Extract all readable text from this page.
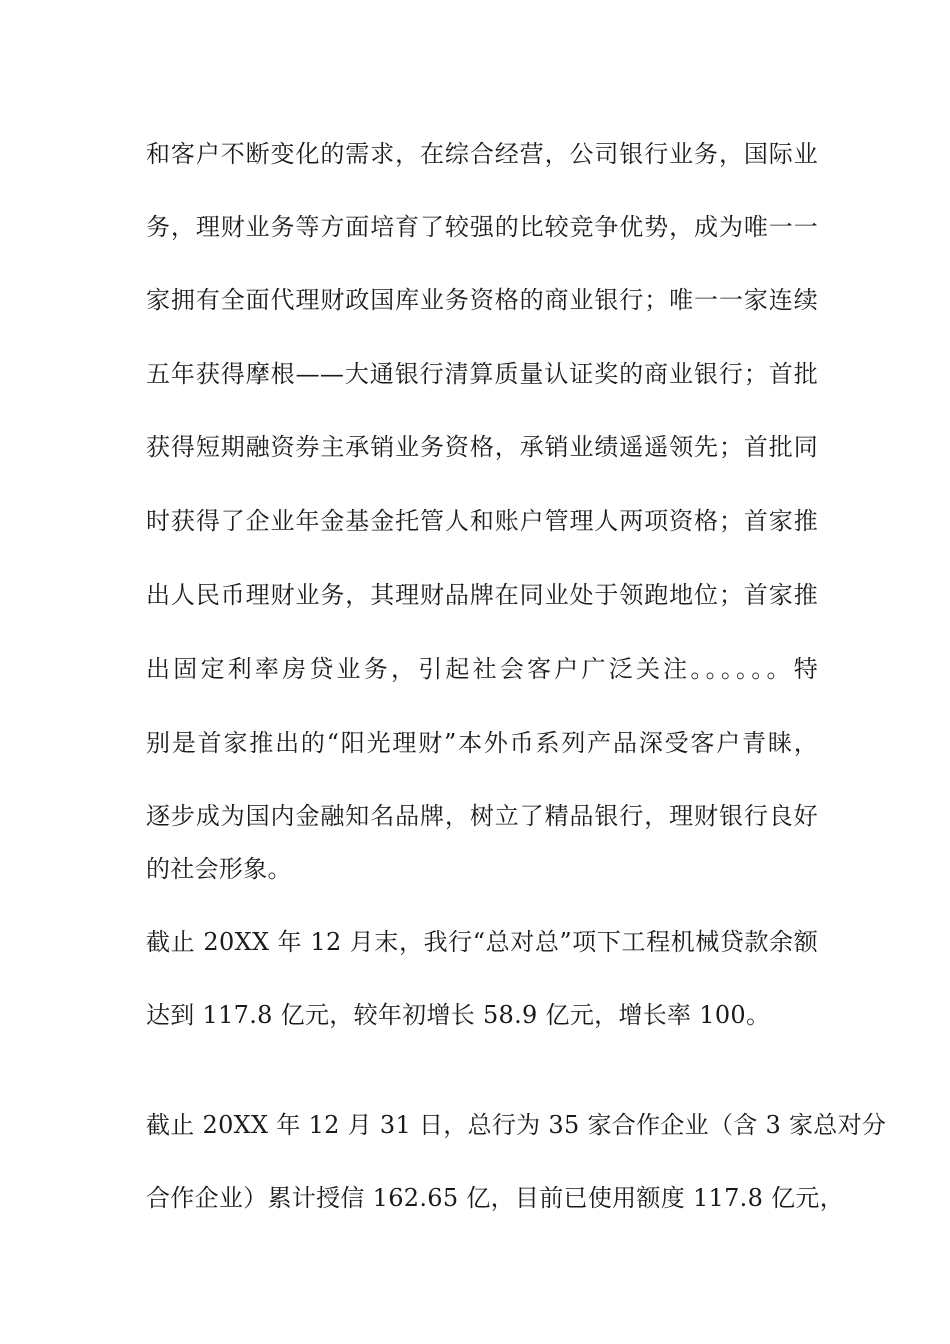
和客户不断变化的需求，在综合经营，公司银行业务，国际业
务，理财业务等方面培育了较强的比较竞争优势，成为唯一一
家拥有全面代理财政国库业务资格的商业银行；唯一一家连续
五年获得摩根——大通银行清算质量认证奖的商业银行；首批
获得短期融资券主承销业务资格，承销业绩遥遥领先；首批同
时获得了企业年金基金托管人和账户管理人两项资格；首家推
出人民币理财业务，其理财品牌在同业处于领跑地位；首家推
出固定利率房贷业务，引起社会客户广泛关注。。。。。。特
别是首家推出的“阳光理财”本外币系列产品深受客户青睐，
逐步成为国内金融知名品牌，树立了精品银行，理财银行良好
的社会形象。
截止 20XX 年 12 月末，我行“总对总”项下工程机械贷款余额
达到 117.8 亿元，较年初增长 58.9 亿元，增长率 100。
截止 20XX 年 12 月 31 日，总行为 35 家合作企业（含 3 家总对分
合作企业）累计授信 162.65 亿，目前已使用额度 117.8 亿元，
